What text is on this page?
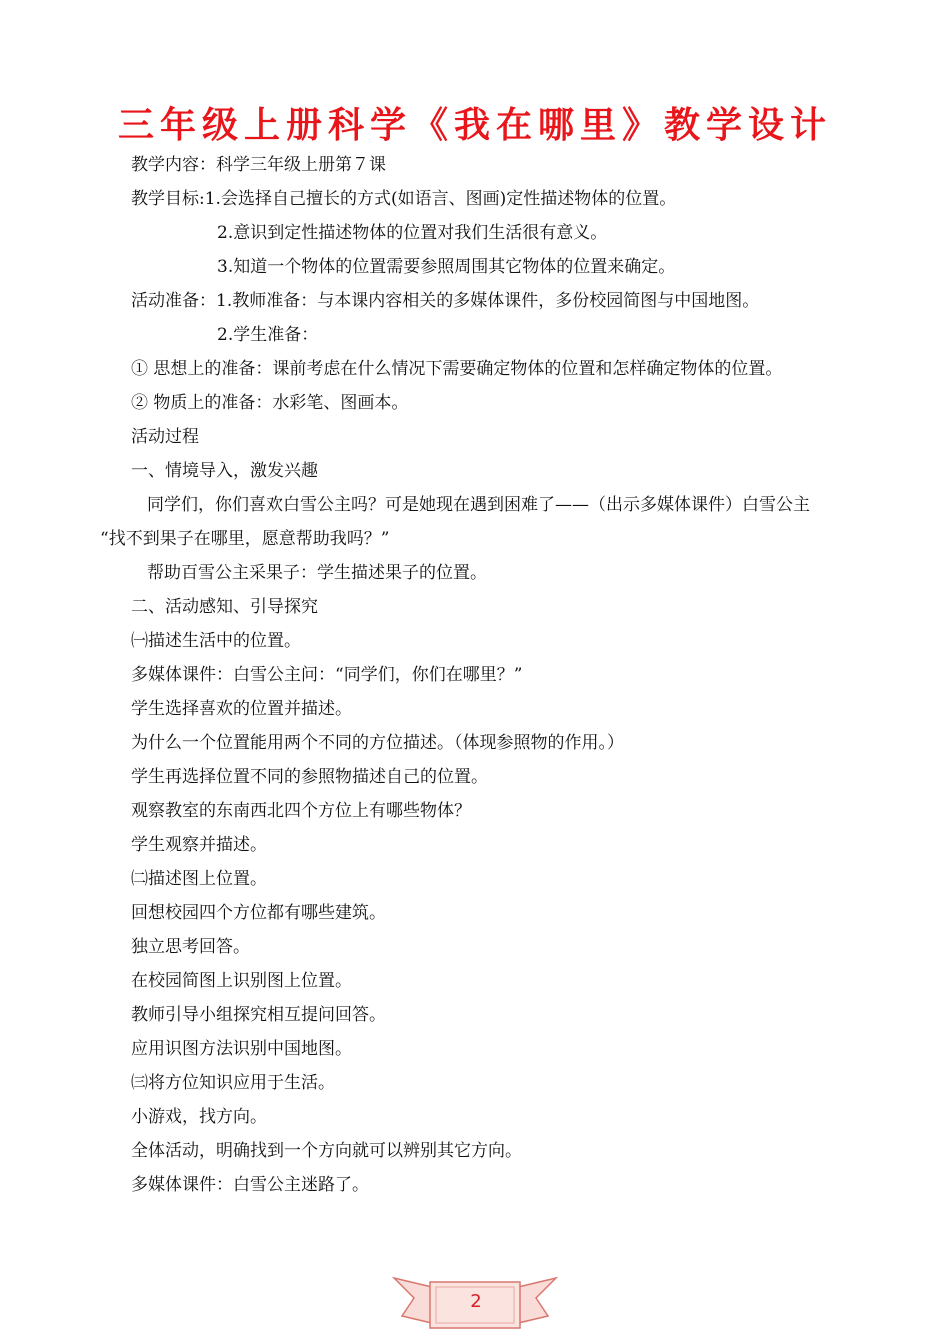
三年级上册科学《我在哪里》教学设计
教学内容：科学三年级上册第７课
教学目标:1.会选择自己擅长的方式(如语言、图画)定性描述物体的位置。
2.意识到定性描述物体的位置对我们生活很有意义。
3.知道一个物体的位置需要参照周围其它物体的位置来确定。
活动准备：1.教师准备：与本课内容相关的多媒体课件，多份校园简图与中国地图。
2.学生准备：
① 思想上的准备：课前考虑在什么情况下需要确定物体的位置和怎样确定物体的位置。
② 物质上的准备：水彩笔、图画本。
活动过程
一、情境导入，激发兴趣
同学们，你们喜欢白雪公主吗？可是她现在遇到困难了——（出示多媒体课件）白雪公主
“找不到果子在哪里，愿意帮助我吗？”
帮助百雪公主采果子：学生描述果子的位置。
二、活动感知、引导探究
㈠描述生活中的位置。
多媒体课件：白雪公主问：“同学们，你们在哪里？”
学生选择喜欢的位置并描述。
为什么一个位置能用两个不同的方位描述。（体现参照物的作用。）
学生再选择位置不同的参照物描述自己的位置。
观察教室的东南西北四个方位上有哪些物体？
学生观察并描述。
㈡描述图上位置。
回想校园四个方位都有哪些建筑。
独立思考回答。
在校园简图上识别图上位置。
教师引导小组探究相互提问回答。
应用识图方法识别中国地图。
㈢将方位知识应用于生活。
小游戏，找方向。
全体活动，明确找到一个方向就可以辨别其它方向。
多媒体课件：白雪公主迷路了。
2
